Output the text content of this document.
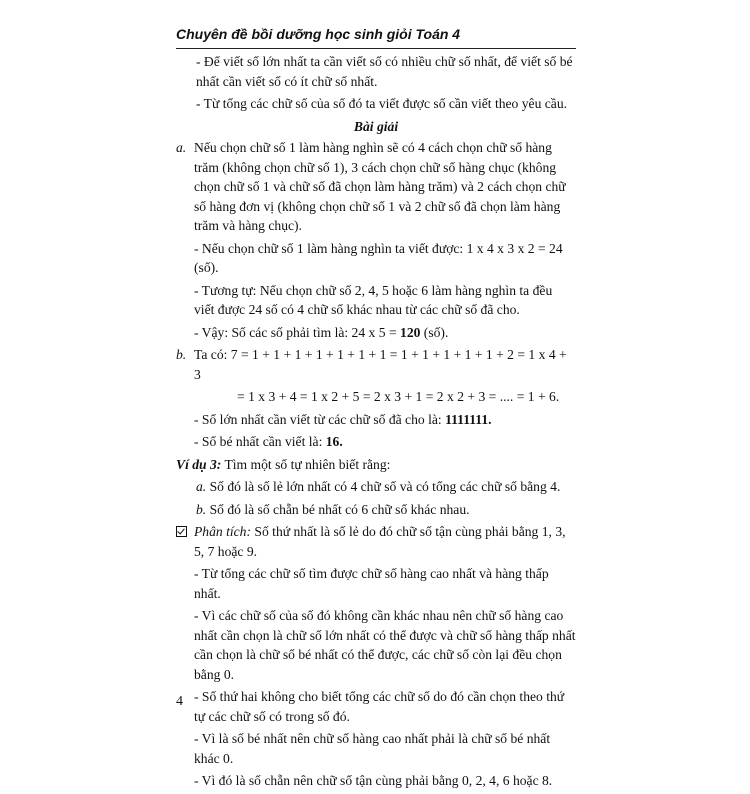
Chuyên đề bồi dưỡng học sinh giỏi Toán 4

- Để viết số lớn nhất ta cần viết số có nhiều chữ số nhất, để viết số bé nhất cần viết số có ít chữ số nhất.

- Từ tổng các chữ số của số đó ta viết được số cần viết theo yêu cầu.

Bài giải

a. Nếu chọn chữ số 1 làm hàng nghìn sẽ có 4 cách chọn chữ số hàng trăm (không chọn chữ số 1), 3 cách chọn chữ số hàng chục (không chọn chữ số 1 và chữ số đã chọn làm hàng trăm) và 2 cách chọn chữ số hàng đơn vị (không chọn chữ số 1 và 2 chữ số đã chọn làm hàng trăm và hàng chục).

- Nếu chọn chữ số 1 làm hàng nghìn ta viết được: 1 x 4 x 3 x 2 = 24 (số).

- Tương tự: Nếu chọn chữ số 2, 4, 5 hoặc 6 làm hàng nghìn ta đều viết được 24 số có 4 chữ số khác nhau từ các chữ số đã cho.

- Vậy: Số các số phải tìm là: 24 x 5 = 120 (số).

b. Ta có: 7 = 1 + 1 + 1 + 1 + 1 + 1 + 1 = 1 + 1 + 1 + 1 + 1 + 2 = 1 x 4 + 3

= 1 x 3 + 4 = 1 x 2 + 5 = 2 x 3 + 1 = 2 x 2 + 3 = .... = 1 + 6.

- Số lớn nhất cần viết từ các chữ số đã cho là: 1111111.

- Số bé nhất cần viết là: 16.

Ví dụ 3: Tìm một số tự nhiên biết rằng:

a. Số đó là số lẻ lớn nhất có 4 chữ số và có tổng các chữ số bằng 4.

b. Số đó là số chẵn bé nhất có 6 chữ số khác nhau.

Phân tích: Số thứ nhất là số lẻ do đó chữ số tận cùng phải bằng 1, 3, 5, 7 hoặc 9.

- Từ tổng các chữ số tìm được chữ số hàng cao nhất và hàng thấp nhất.

- Vì các chữ số của số đó không cần khác nhau nên chữ số hàng cao nhất cần chọn là chữ số lớn nhất có thể được và chữ số hàng thấp nhất cần chọn là chữ số bé nhất có thể được, các chữ số còn lại đều chọn bằng 0.

- Số thứ hai không cho biết tổng các chữ số do đó cần chọn theo thứ tự các chữ số có trong số đó.

- Vì là số bé nhất nên chữ số hàng cao nhất phải là chữ số bé nhất khác 0.

- Vì đó là số chẵn nên chữ số tận cùng phải bằng 0, 2, 4, 6 hoặc 8.

4
